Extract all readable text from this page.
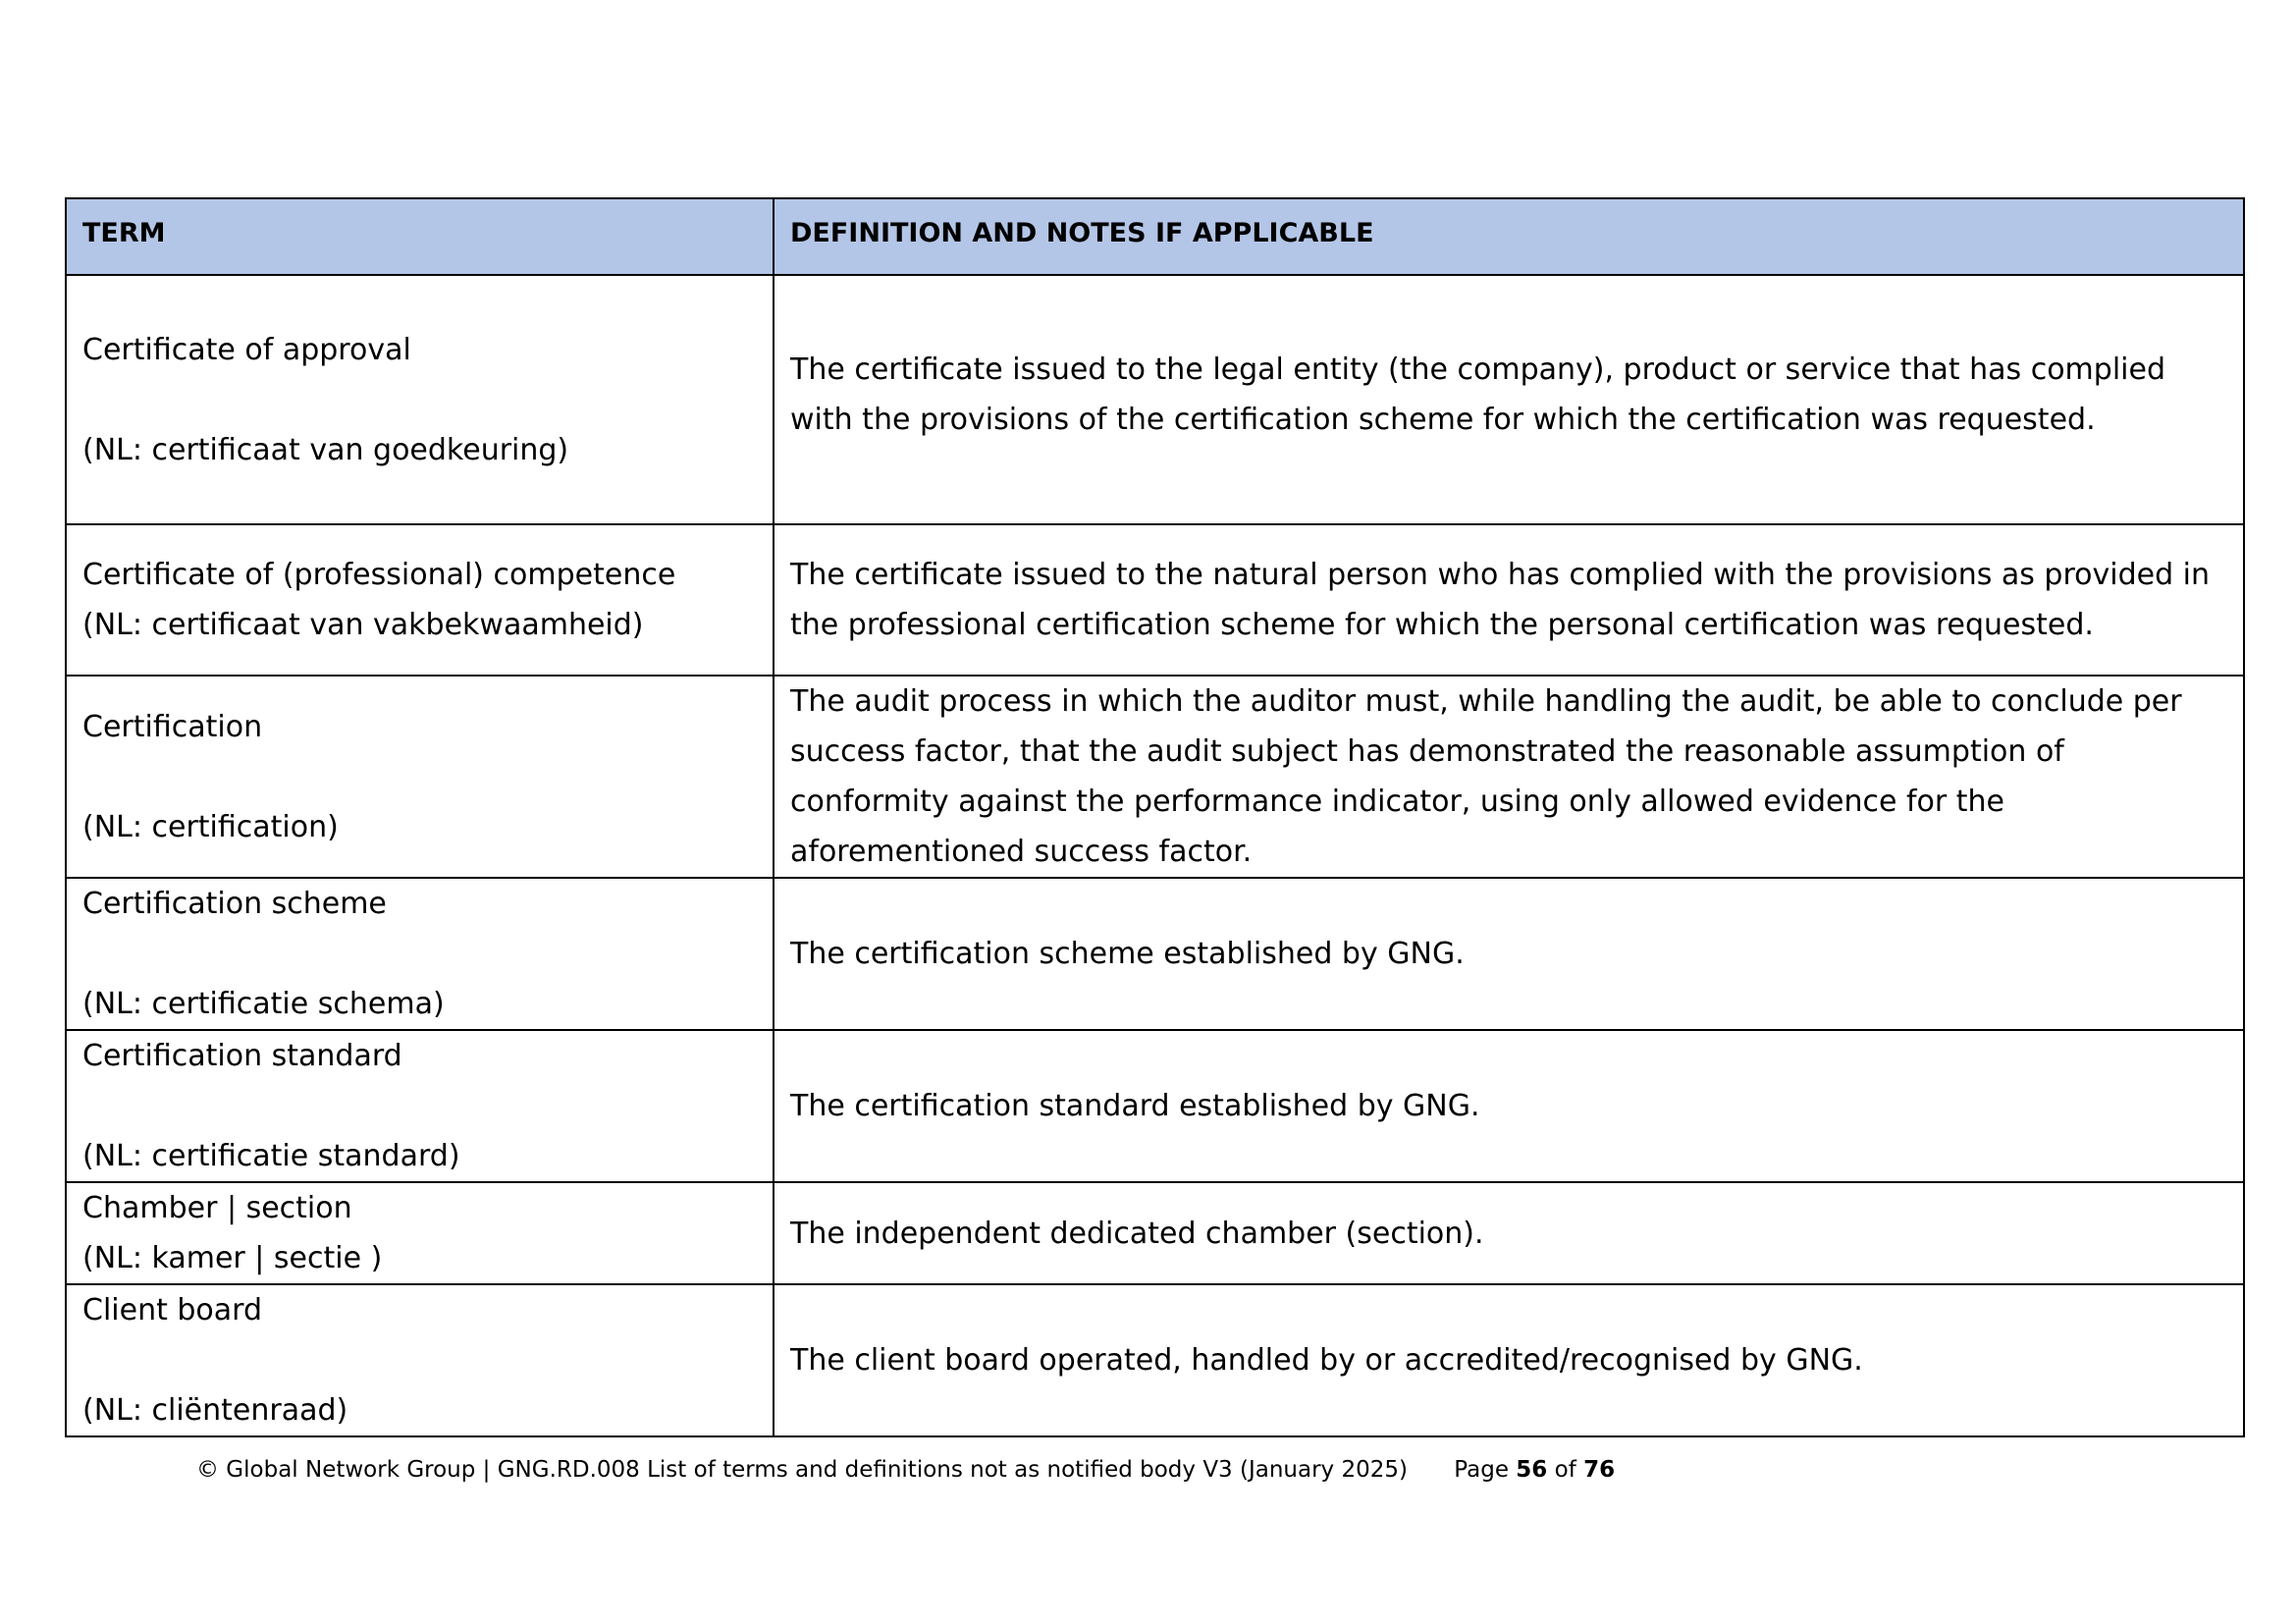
TERM	DEFINITION AND NOTES IF APPLICABLE

Certificate of approval
(NL: certificaat van goedkeuring)	The certificate issued to the legal entity (the company), product or service that has complied with the provisions of the certification scheme for which the certification was requested.

Certificate of (professional) competence
(NL: certificaat van vakbekwaamheid)	The certificate issued to the natural person who has complied with the provisions as provided in the professional certification scheme for which the personal certification was requested.

Certification
(NL: certification)	The audit process in which the auditor must, while handling the audit, be able to conclude per success factor, that the audit subject has demonstrated the reasonable assumption of conformity against the performance indicator, using only allowed evidence for the aforementioned success factor.

Certification scheme
(NL: certificatie schema)	The certification scheme established by GNG.

Certification standard
(NL: certificatie standard)	The certification standard established by GNG.

Chamber | section
(NL: kamer | sectie )	The independent dedicated chamber (section).

Client board
(NL: cliëntenraad)	The client board operated, handled by or accredited/recognised by GNG.
© Global Network Group | GNG.RD.008 List of terms and definitions not as notified body V3 (January 2025) Page 56 of 76
